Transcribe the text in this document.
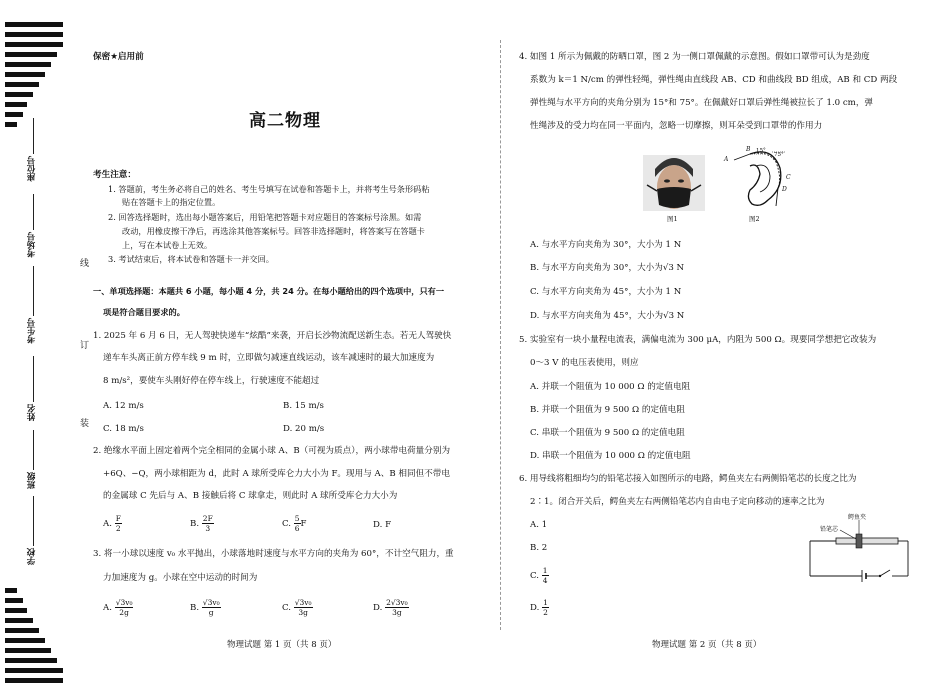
座位号
考场号
考生号
姓名
班级
学校
线
订
装
保密★启用前
高二物理
考生注意：
1. 答题前，考生务必将自己的姓名、考生号填写在试卷和答题卡上，并将考生号条形码粘
贴在答题卡上的指定位置。
2. 回答选择题时，选出每小题答案后，用铅笔把答题卡对应题目的答案标号涂黑。如需
改动，用橡皮擦干净后，再选涂其他答案标号。回答非选择题时，将答案写在答题卡
上，写在本试卷上无效。
3. 考试结束后，将本试卷和答题卡一并交回。
一、单项选择题：本题共 6 小题，每小题 4 分，共 24 分。在每小题给出的四个选项中，只有一
项是符合题目要求的。
1. 2025 年 6 月 6 日，无人驾驶快递车“炫酷”来袭，开启长沙物流配送新生态。若无人驾驶快
递车车头离正前方停车线 9 m 时，立即做匀减速直线运动，该车减速时的最大加速度为
8 m/s²，要使车头刚好停在停车线上，行驶速度不能超过
A. 12 m/s	B. 15 m/s
C. 18 m/s	D. 20 m/s
2. 绝缘水平面上固定着两个完全相同的金属小球 A、B（可视为质点），两小球带电荷量分别为
+6Q、−Q，两小球相距为 d，此时 A 球所受库仑力大小为 F。现用与 A、B 相同但不带电
的金属球 C 先后与 A、B 接触后将 C 球拿走，则此时 A 球所受库仑力大小为
A. $\frac{F}{2}$	B. $\frac{2F}{3}$	C. $\frac{5}{6}$ F	D. F
3. 将一小球以速度 v₀ 水平抛出，小球落地时速度与水平方向的夹角为 60°，不计空气阻力，重
力加速度为 g。小球在空中运动的时间为
A. $\frac{\text{√3v₀}}{2g}$	B. $\frac{\text{√3v₀}}{g}$	C. $\frac{\text{√3v₀}}{3g}$	D. $\frac{\text{2√3v₀}}{3g}$
物理试题 第 1 页（共 8 页）
4. 如图 1 所示为佩戴的防晒口罩，图 2 为一侧口罩佩戴的示意图。假如口罩带可认为是劲度
系数为 k＝1 N/cm 的弹性轻绳，弹性绳由直线段 AB、CD 和曲线段 BD 组成，AB 和 CD 两段
弹性绳与水平方向的夹角分别为 15°和 75°。在佩戴好口罩后弹性绳被拉长了 1.0 cm，弹
性绳涉及的受力均在同一平面内，忽略一切摩擦，则耳朵受到口罩带的作用力
图1
A
B
C
D
15°
75°
图2
A. 与水平方向夹角为 30°，大小为 1 N
B. 与水平方向夹角为 30°，大小为√3 N
C. 与水平方向夹角为 45°，大小为 1 N
D. 与水平方向夹角为 45°，大小为√3 N
5. 实验室有一块小量程电流表，满偏电流为 300 μA，内阻为 500 Ω。现要同学想把它改装为
0～3 V 的电压表使用，则应
A. 并联一个阻值为 10 000 Ω 的定值电阻
B. 并联一个阻值为 9 500 Ω 的定值电阻
C. 串联一个阻值为 9 500 Ω 的定值电阻
D. 串联一个阻值为 10 000 Ω 的定值电阻
6. 用导线将粗细均匀的铅笔芯接入如图所示的电路，鳄鱼夹左右两侧铅笔芯的长度之比为
2∶1。闭合开关后，鳄鱼夹左右两侧铅笔芯内自由电子定向移动的速率之比为
A. 1
B. 2
C. $\frac{1}{4}$
D. $\frac{1}{2}$
鳄鱼夹
铅笔芯
物理试题 第 2 页（共 8 页）
